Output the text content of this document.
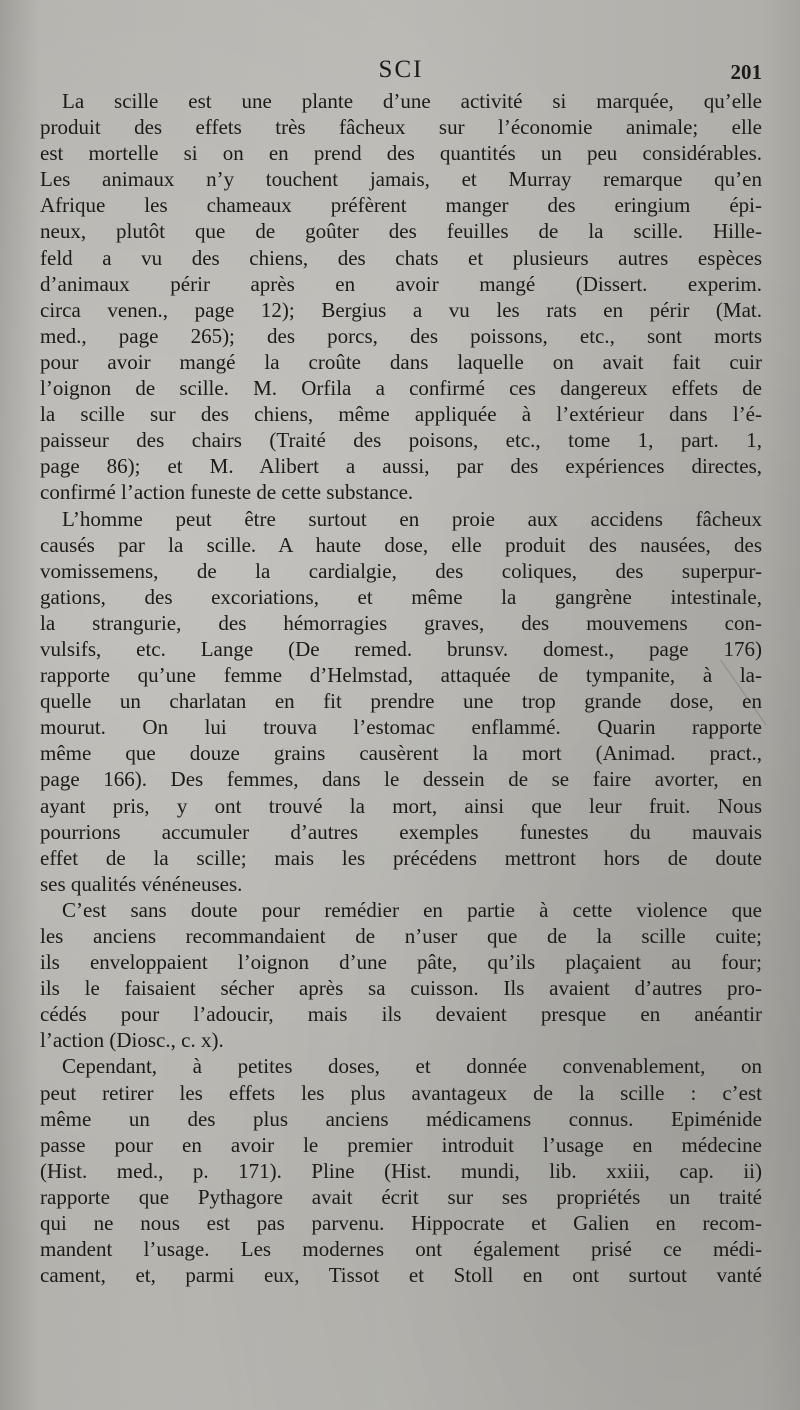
SCI	201
La scille est une plante d’une activité si marquée, qu’elle
produit des effets très fâcheux sur l’économie animale; elle
est mortelle si on en prend des quantités un peu considérables.
Les animaux n’y touchent jamais, et Murray remarque qu’en
Afrique les chameaux préfèrent manger des eringium épi-
neux, plutôt que de goûter des feuilles de la scille. Hille-
feld a vu des chiens, des chats et plusieurs autres espèces
d’animaux périr après en avoir mangé (Dissert. experim.
circa venen., page 12); Bergius a vu les rats en périr (Mat.
med., page 265); des porcs, des poissons, etc., sont morts
pour avoir mangé la croûte dans laquelle on avait fait cuir
l’oignon de scille. M. Orfila a confirmé ces dangereux effets de
la scille sur des chiens, même appliquée à l’extérieur dans l’é-
paisseur des chairs (Traité des poisons, etc., tome 1, part. 1,
page 86); et M. Alibert a aussi, par des expériences directes,
confirmé l’action funeste de cette substance.
L’homme peut être surtout en proie aux accidens fâcheux
causés par la scille. A haute dose, elle produit des nausées, des
vomissemens, de la cardialgie, des coliques, des superpur-
gations, des excoriations, et même la gangrène intestinale,
la strangurie, des hémorragies graves, des mouvemens con-
vulsifs, etc. Lange (De remed. brunsv. domest., page 176)
rapporte qu’une femme d’Helmstad, attaquée de tympanite, à la-
quelle un charlatan en fit prendre une trop grande dose, en
mourut. On lui trouva l’estomac enflammé. Quarin rapporte
même que douze grains causèrent la mort (Animad. pract.,
page 166). Des femmes, dans le dessein de se faire avorter, en
ayant pris, y ont trouvé la mort, ainsi que leur fruit. Nous
pourrions accumuler d’autres exemples funestes du mauvais
effet de la scille; mais les précédens mettront hors de doute
ses qualités vénéneuses.
C’est sans doute pour remédier en partie à cette violence que
les anciens recommandaient de n’user que de la scille cuite;
ils enveloppaient l’oignon d’une pâte, qu’ils plaçaient au four;
ils le faisaient sécher après sa cuisson. Ils avaient d’autres pro-
cédés pour l’adoucir, mais ils devaient presque en anéantir
l’action (Diosc., c. x).
Cependant, à petites doses, et donnée convenablement, on
peut retirer les effets les plus avantageux de la scille : c’est
même un des plus anciens médicamens connus. Epiménide
passe pour en avoir le premier introduit l’usage en médecine
(Hist. med., p. 171). Pline (Hist. mundi, lib. xxiii, cap. ii)
rapporte que Pythagore avait écrit sur ses propriétés un traité
qui ne nous est pas parvenu. Hippocrate et Galien en recom-
mandent l’usage. Les modernes ont également prisé ce médi-
cament, et, parmi eux, Tissot et Stoll en ont surtout vanté
